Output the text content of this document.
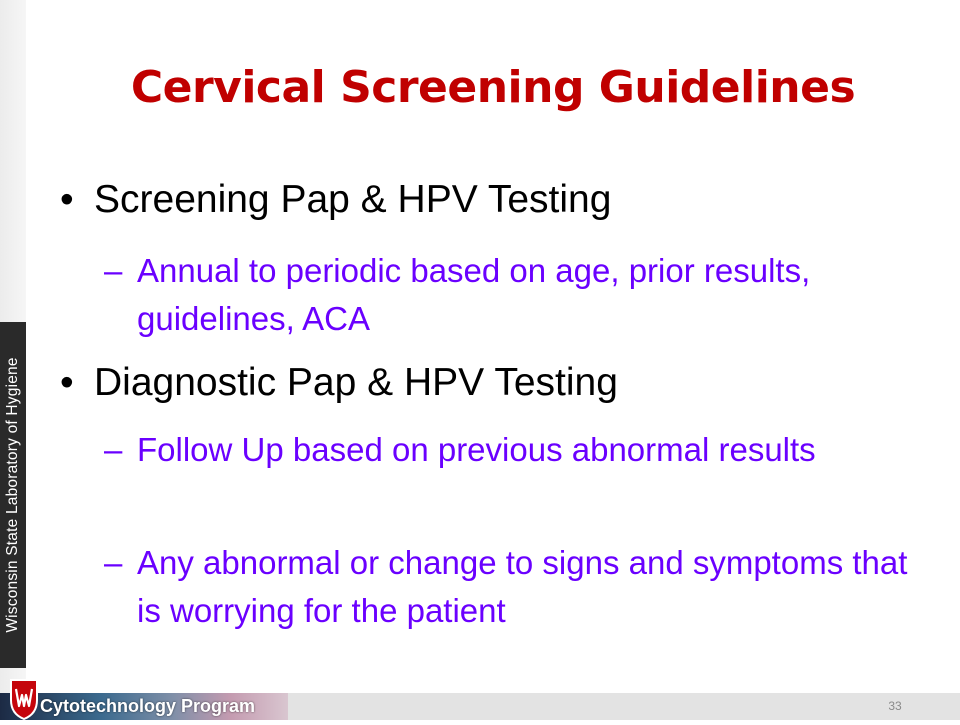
Wisconsin State Laboratory of Hygiene
Cervical Screening Guidelines
• Screening Pap & HPV Testing
– Annual to periodic based on age, prior results, guidelines, ACA
• Diagnostic Pap & HPV Testing
– Follow Up based on previous abnormal results
– Any abnormal or change to signs and symptoms that is worrying for the patient
Cytotechnology Program	33
